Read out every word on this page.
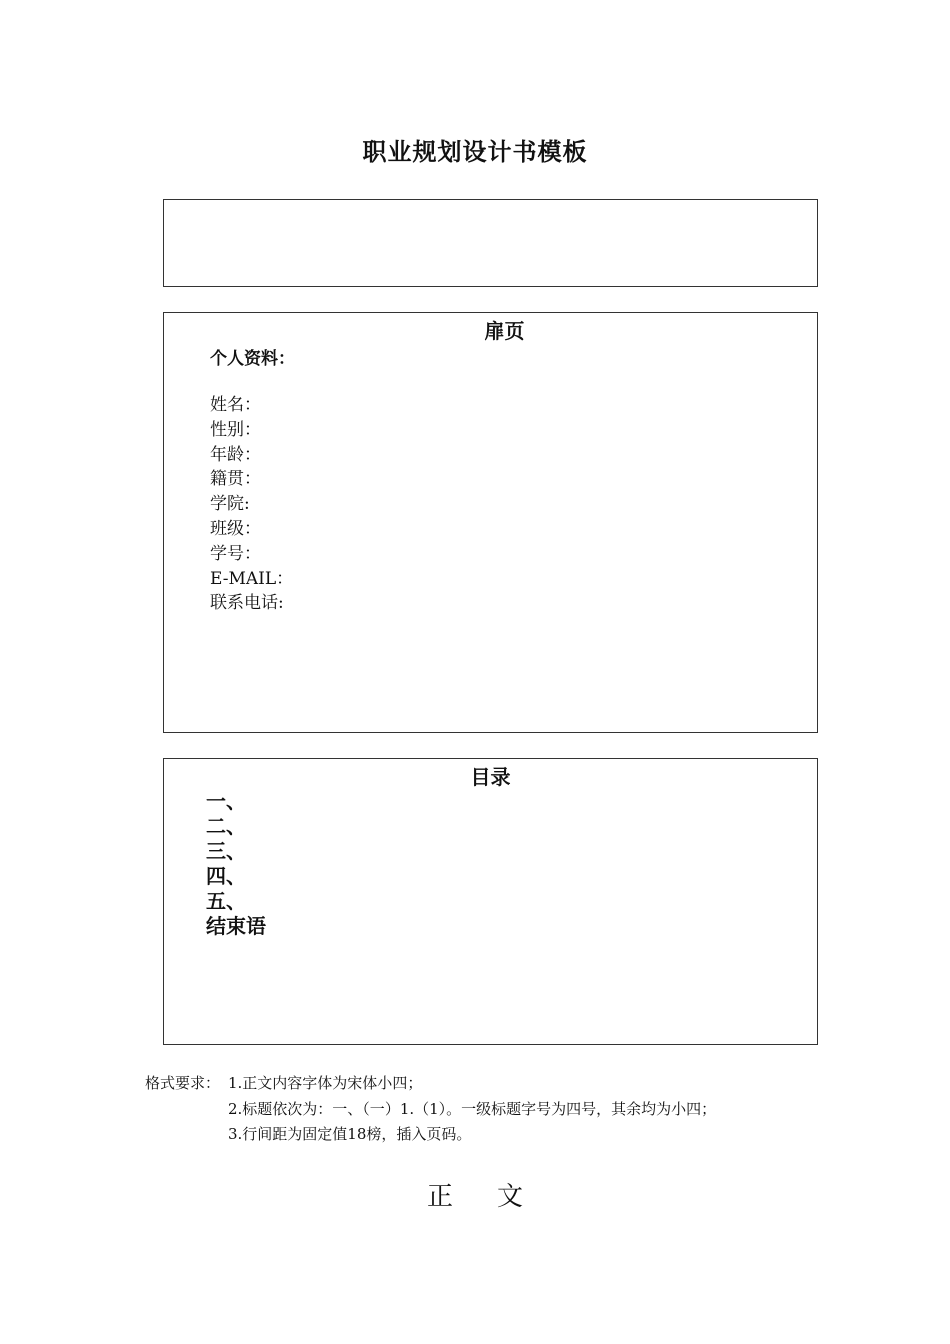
职业规划设计书模板
扉页
个人资料：
姓名：
性别：
年龄：
籍贯：
学院:
班级：
学号：
E-MAIL：
联系电话:
目录
一、
二、
三、
四、
五、
结束语
格式要求： 1.正文内容字体为宋体小四；
2.标题依次为：一、（一）1.（1）。一级标题字号为四号，其余均为小四；
3.行间距为固定值18榜，插入页码。
正文
